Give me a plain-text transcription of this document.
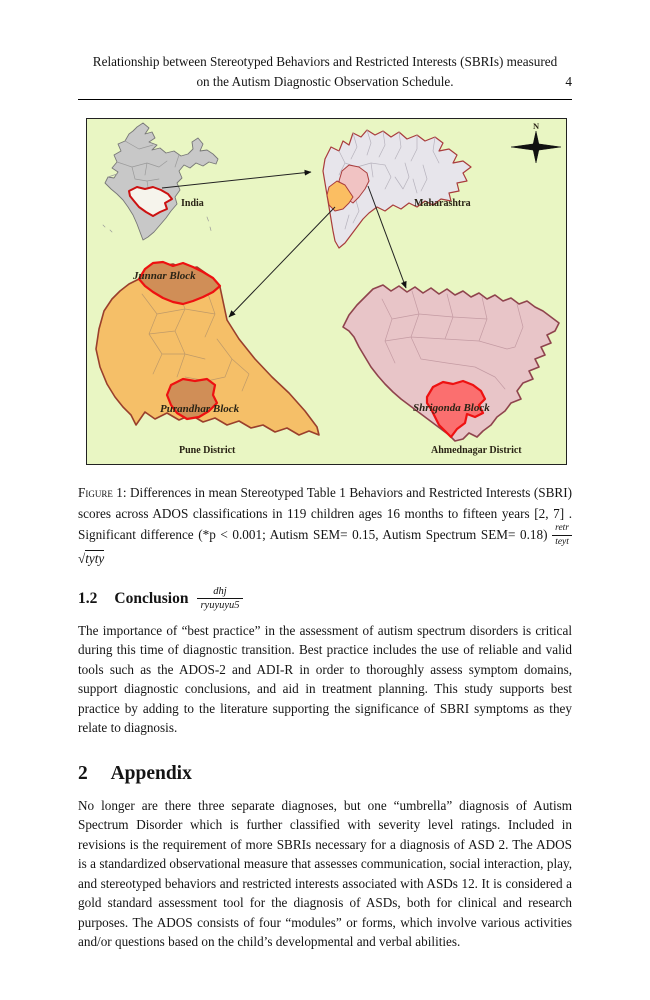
Relationship between Stereotyped Behaviors and Restricted Interests (SBRIs) measured
on the Autism Diagnostic Observation Schedule.	4
India	Maharashtra
N
Junnar Block
Purandhar Block
Pune District
Shrigonda Block
Ahmednagar District

Figure 1: Differences in mean Stereotyped Table 1 Behaviors and Restricted Interests (SBRI) scores across ADOS classifications in 119 children ages 16 months to fifteen years [2, 7] . Significant difference (*p < 0.001; Autism SEM= 0.15, Autism Spectrum $SEM= 0.18) \frac{\text{retr}}{\text{teyt}}$
√tyty

1.2 Conclusion $\frac{\text{dhj}}{\text{ryuyuyu5}}$

The importance of “best practice” in the assessment of autism spectrum disorders is critical during this time of diagnostic transition. Best practice includes the use of reliable and valid tools such as the ADOS-2 and ADI-R in order to thoroughly assess symptom domains, support diagnostic conclusions, and aid in treatment planning. This study supports best practice by adding to the literature supporting the significance of SBRI symptoms as they relate to diagnosis.

2 Appendix

No longer are there three separate diagnoses, but one “umbrella” diagnosis of Autism Spectrum Disorder which is further classified with severity level ratings. Included in revisions is the requirement of more SBRIs necessary for a diagnosis of ASD 2. The ADOS is a standardized observational measure that assesses communication, social interaction, play, and stereotyped behaviors and restricted interests associated with ASDs 12. It is considered a gold standard assessment tool for the diagnosis of ASDs, both for clinical and research purposes. The ADOS consists of four “modules” or forms, which involve various activities and/or questions based on the child’s developmental and verbal abilities.
